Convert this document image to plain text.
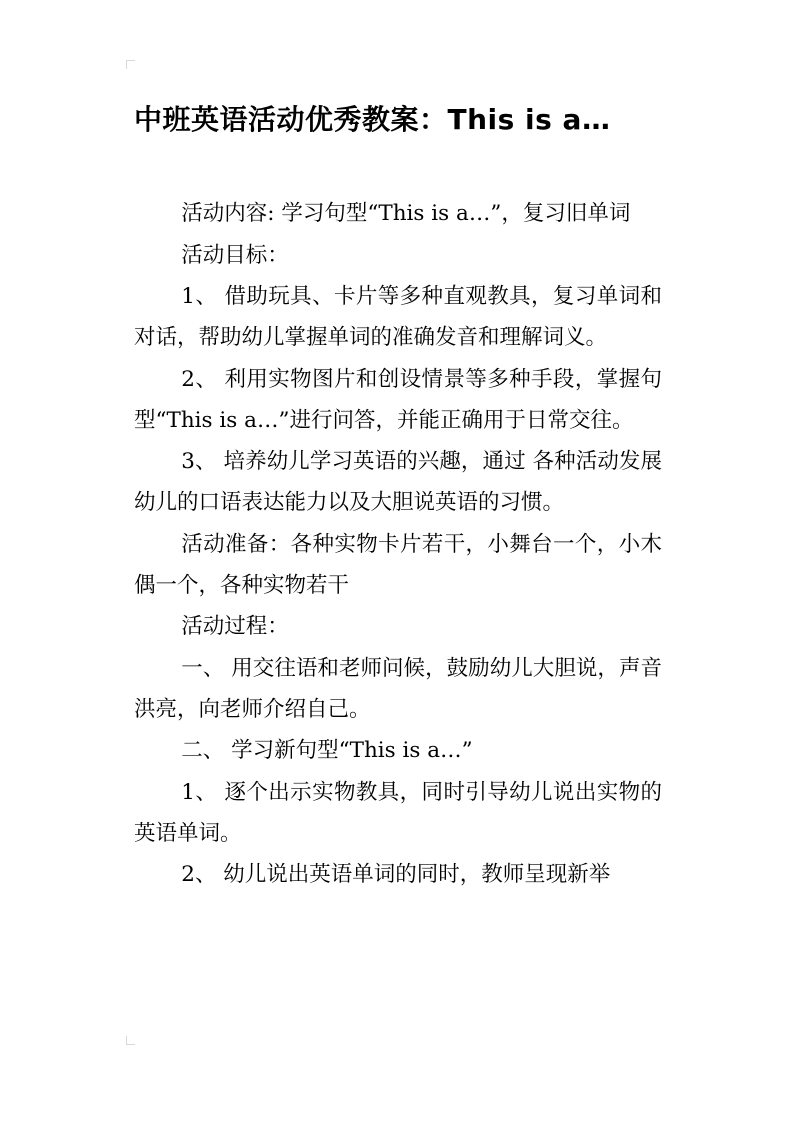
中班英语活动优秀教案：This is a…

活动内容: 学习句型“This is a…”，复习旧单词

活动目标：

1、 借助玩具、卡片等多种直观教具，复习单词和对话，帮助幼儿掌握单词的准确发音和理解词义。

2、 利用实物图片和创设情景等多种手段，掌握句型“This is a…”进行问答，并能正确用于日常交往。

3、 培养幼儿学习英语的兴趣，通过 各种活动发展幼儿的口语表达能力以及大胆说英语的习惯。

活动准备：各种实物卡片若干，小舞台一个，小木偶一个，各种实物若干

活动过程：

一、 用交往语和老师问候，鼓励幼儿大胆说，声音洪亮，向老师介绍自己。

二、 学习新句型“This is a…”

1、 逐个出示实物教具，同时引导幼儿说出实物的英语单词。

2、 幼儿说出英语单词的同时，教师呈现新举
